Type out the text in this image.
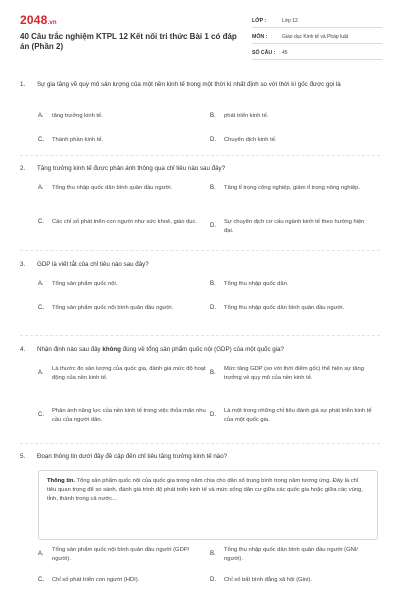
2048.vn
40 Câu trắc nghiệm KTPL 12 Kết nối tri thức Bài 1 có đáp án (Phần 2)
LỚP :	Lớp 12
MÔN :	Giáo dục Kinh tế và Pháp luật
SỐ CÂU :	45
1.	Sự gia tăng về quy mô sản lượng của một nền kinh tế trong một thời kì nhất định so với thời kì gốc được gọi là
A.	tăng trưởng kinh tế.	B.	phát triển kinh tế.
C.	Thành phần kinh tế.	D.	Chuyển dịch kinh tế.
2.	Tăng trưởng kinh tế được phản ánh thông qua chỉ tiêu nào sau đây?
A.	Tổng thu nhập quốc dân bình quân đầu người.	B.	Tăng tỉ trọng công nghiệp, giảm tỉ trọng nông nghiệp.
C.	Các chỉ số phát triển con người như sức khoẻ, giáo dục.
D.
Sự chuyển dịch cơ cấu ngành kinh tế theo hướng hiện đại.
3.	GDP là viết tắt của chỉ tiêu nào sau đây?
A.	Tổng sản phẩm quốc nội.	B.	Tổng thu nhập quốc dân.
C.	Tổng sản phẩm quốc nội bình quân đầu người.	D.	Tổng thu nhập quốc dân bình quân đầu người.
4.	Nhận định nào sau đây không đúng về tổng sản phẩm quốc nội (GDP) của một quốc gia?
A.
Là thước đo sản lượng của quốc gia, đánh giá mức độ hoạt động của nền kinh tế.
B.
Mức tăng GDP (so với thời điểm gốc) thể hiện sự tăng trưởng về quy mô của nền kinh tế.
C.
Phản ánh năng lực của nền kinh tế trong việc thỏa mãn nhu cầu của người dân.
D.
Là một trong những chỉ tiêu đánh giá sự phát triển kinh tế của một quốc gia.
5.	Đoạn thông tin dưới đây đề cập đến chỉ tiêu tăng trưởng kinh tế nào?
Thông tin. Tổng sản phẩm quốc nội của quốc gia trong năm chia cho dân số trung bình trong năm tương ứng. Đây là chỉ tiêu quan trọng để so sánh, đánh giá trình độ phát triển kinh tế và mức sống dân cư giữa các quốc gia hoặc giữa các vùng, tỉnh, thành trong cả nước...
A.
Tổng sản phẩm quốc nội bình quân đầu người (GDP/ người).
B.
Tổng thu nhập quốc dân bình quân đầu người (GNI/ người).
C.	Chỉ số phát triển con người (HDI).	D.	Chỉ số bất bình đẳng xã hội (Gini).
